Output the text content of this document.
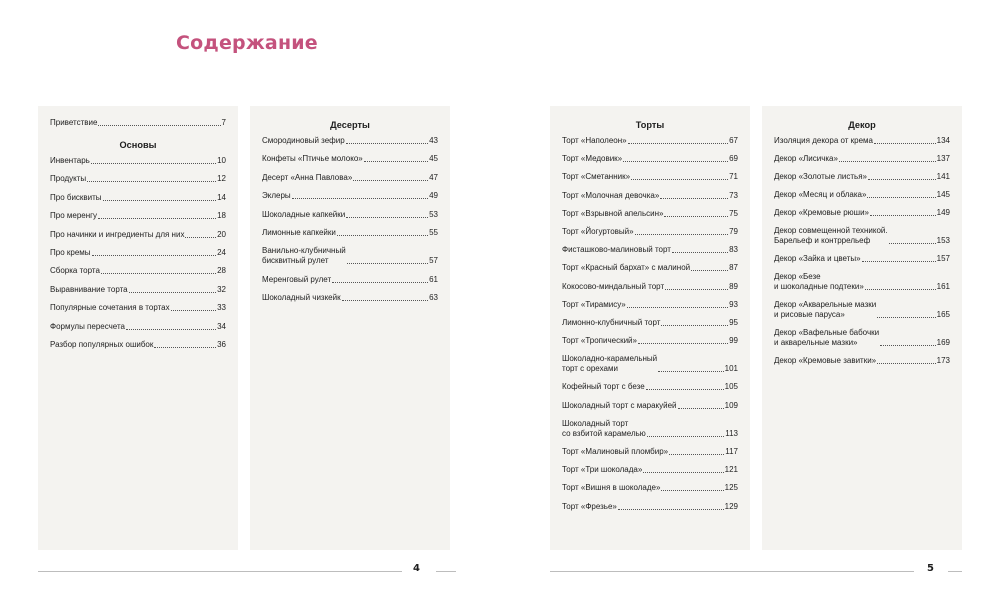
Содержание
Приветствие	7
Основы
Инвентарь	10
Продукты	12
Про бисквиты	14
Про меренгу	18
Про начинки и ингредиенты для них	20
Про кремы	24
Сборка торта	28
Выравнивание торта	32
Популярные сочетания в тортах	33
Формулы пересчета	34
Разбор популярных ошибок	36
Десерты
Смородиновый зефир	43
Конфеты «Птичье молоко»	45
Десерт «Анна Павлова»	47
Эклеры	49
Шоколадные капкейки	53
Лимонные капкейки	55
Ванильно-клубничный
бисквитный рулет	57
Меренговый рулет	61
Шоколадный чизкейк	63
Торты
Торт «Наполеон»	67
Торт «Медовик»	69
Торт «Сметанник»	71
Торт «Молочная девочка»	73
Торт «Взрывной апельсин»	75
Торт «Йогуртовый»	79
Фисташково-малиновый торт	83
Торт «Красный бархат» с малиной	87
Кокосово-миндальный торт	89
Торт «Тирамису»	93
Лимонно-клубничный торт	95
Торт «Тропический»	99
Шоколадно-карамельный
торт с орехами	101
Кофейный торт с безе	105
Шоколадный торт с маракуйей	109
Шоколадный торт
со взбитой карамелью	113
Торт «Малиновый пломбир»	117
Торт «Три шоколада»	121
Торт «Вишня в шоколаде»	125
Торт «Фрезье»	129
Декор
Изоляция декора от крема	134
Декор «Лисичка»	137
Декор «Золотые листья»	141
Декор «Месяц и облака»	145
Декор «Кремовые рюши»	149
Декор совмещенной техникой.
Барельеф и контррельеф	153
Декор «Зайка и цветы»	157
Декор «Безе
и шоколадные подтеки»	161
Декор «Акварельные мазки
и рисовые паруса»	165
Декор «Вафельные бабочки
и акварельные мазки»	169
Декор «Кремовые завитки»	173
4	5
